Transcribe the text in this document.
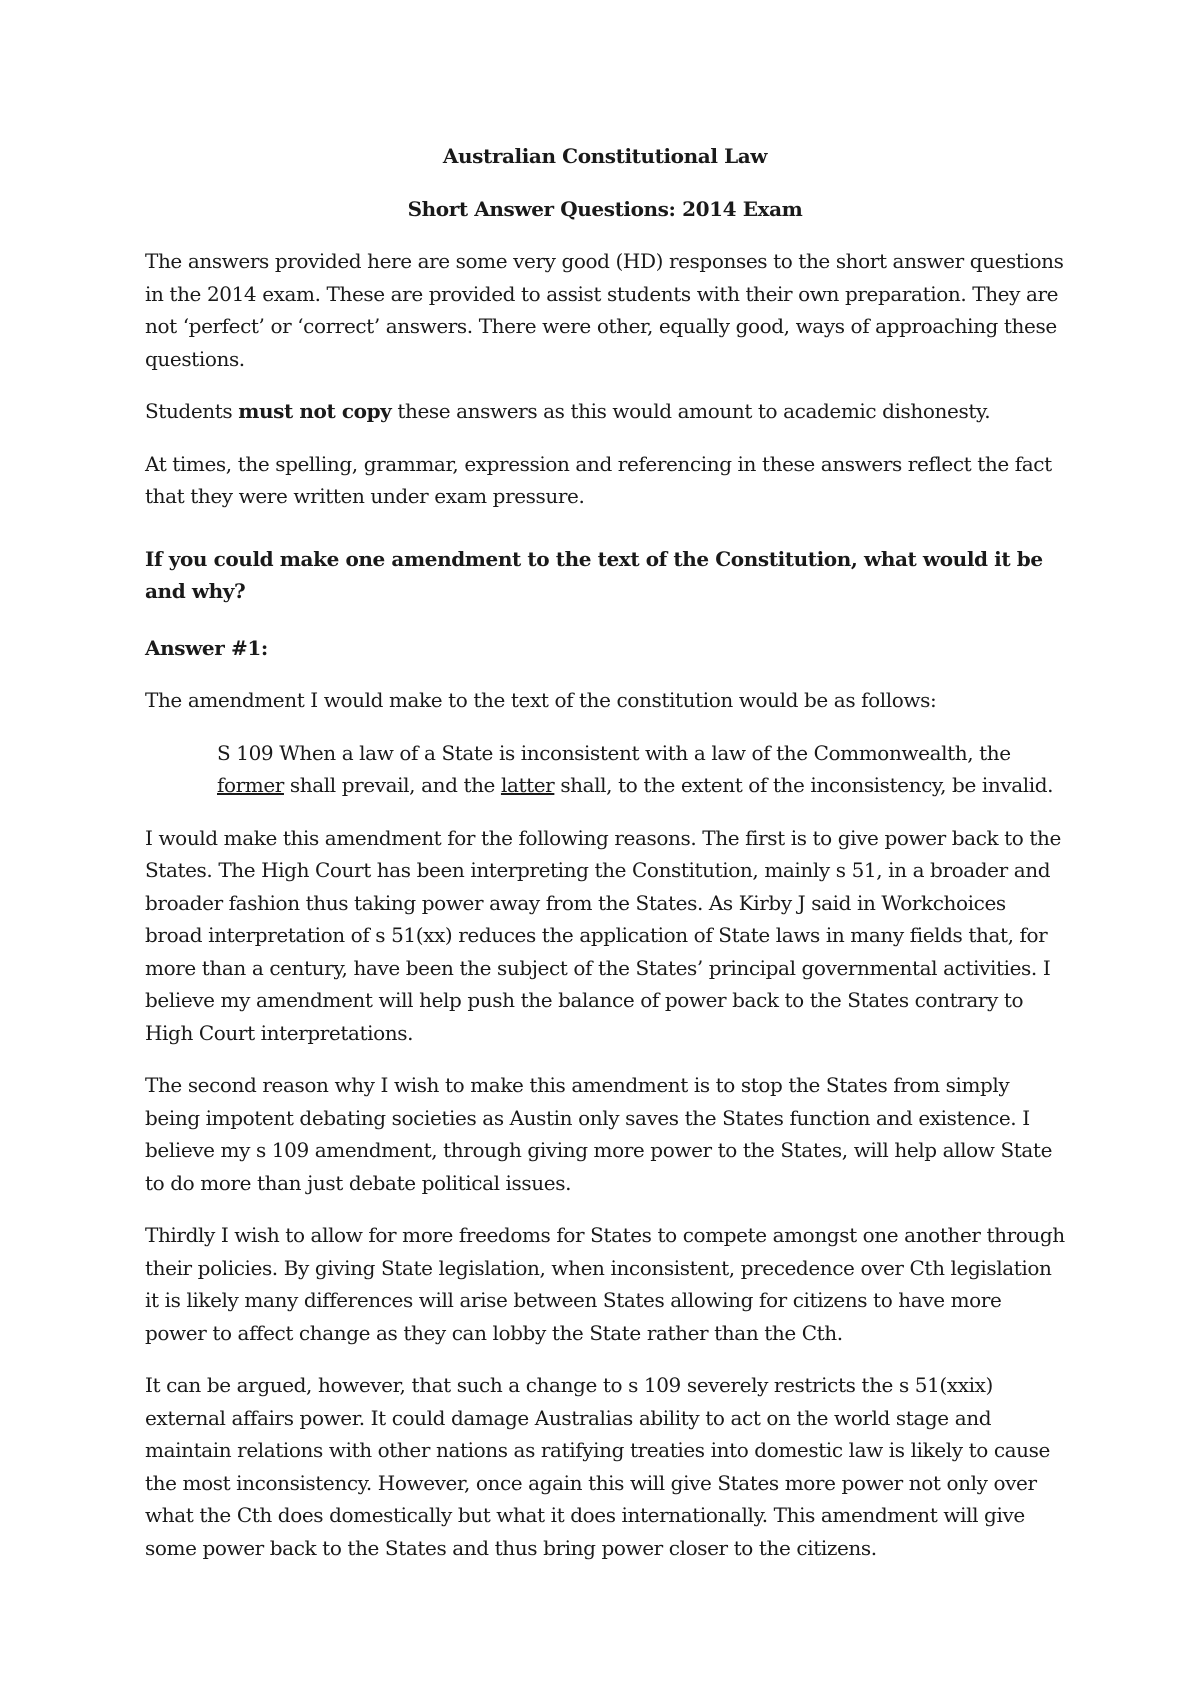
Australian Constitutional Law

Short Answer Questions: 2014 Exam

The answers provided here are some very good (HD) responses to the short answer questions in the 2014 exam. These are provided to assist students with their own preparation. They are not ‘perfect’ or ‘correct’ answers. There were other, equally good, ways of approaching these questions.

Students must not copy these answers as this would amount to academic dishonesty.

At times, the spelling, grammar, expression and referencing in these answers reflect the fact that they were written under exam pressure.

If you could make one amendment to the text of the Constitution, what would it be and why?

Answer #1:

The amendment I would make to the text of the constitution would be as follows:

S 109 When a law of a State is inconsistent with a law of the Commonwealth, the former shall prevail, and the latter shall, to the extent of the inconsistency, be invalid.

I would make this amendment for the following reasons. The first is to give power back to the States. The High Court has been interpreting the Constitution, mainly s 51, in a broader and broader fashion thus taking power away from the States. As Kirby J said in Workchoices broad interpretation of s 51(xx) reduces the application of State laws in many fields that, for more than a century, have been the subject of the States’ principal governmental activities. I believe my amendment will help push the balance of power back to the States contrary to High Court interpretations.

The second reason why I wish to make this amendment is to stop the States from simply being impotent debating societies as Austin only saves the States function and existence. I believe my s 109 amendment, through giving more power to the States, will help allow State to do more than just debate political issues.

Thirdly I wish to allow for more freedoms for States to compete amongst one another through their policies. By giving State legislation, when inconsistent, precedence over Cth legislation it is likely many differences will arise between States allowing for citizens to have more power to affect change as they can lobby the State rather than the Cth.

It can be argued, however, that such a change to s 109 severely restricts the s 51(xxix) external affairs power. It could damage Australias ability to act on the world stage and maintain relations with other nations as ratifying treaties into domestic law is likely to cause the most inconsistency. However, once again this will give States more power not only over what the Cth does domestically but what it does internationally. This amendment will give some power back to the States and thus bring power closer to the citizens.
